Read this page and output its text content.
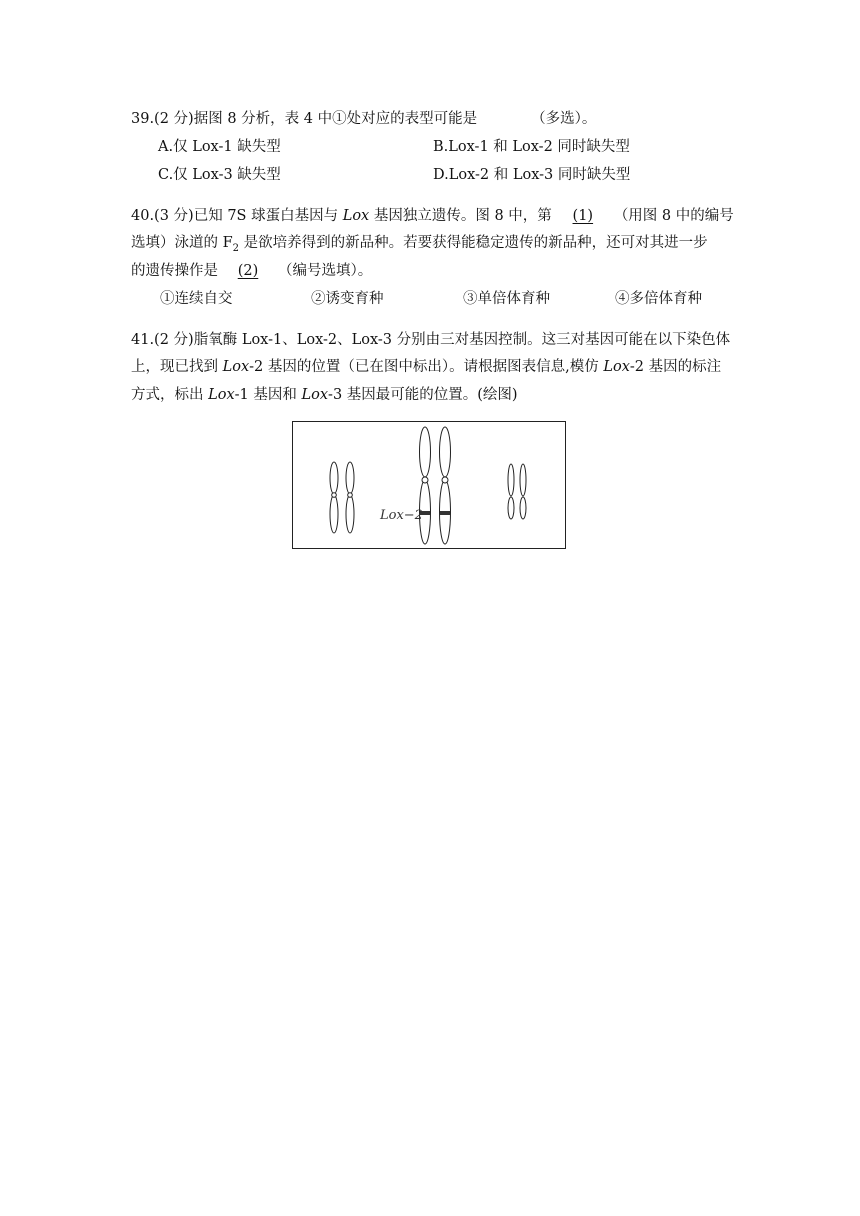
39.(2 分)据图 8 分析，表 4 中①处对应的表型可能是	（多选）。
A.仅 Lox-1 缺失型	B.Lox-1 和 Lox-2 同时缺失型
C.仅 Lox-3 缺失型	D.Lox-2 和 Lox-3 同时缺失型
40.(3 分)已知 7S 球蛋白基因与 Lox 基因独立遗传。图 8 中，第 (1) （用图 8 中的编号
选填）泳道的 $F_2$ 是欲培养得到的新品种。若要获得能稳定遗传的新品种，还可对其进一步
的遗传操作是 (2) （编号选填）。
①连续自交	②诱变育种	③单倍体育种	④多倍体育种
41.(2 分)脂氧酶 Lox-1、Lox-2、Lox-3 分别由三对基因控制。这三对基因可能在以下染色体
上，现已找到 Lox-2 基因的位置（已在图中标出）。请根据图表信息,模仿 Lox-2 基因的标注
方式，标出 Lox-1 基因和 Lox-3 基因最可能的位置。(绘图)
Lox−2
